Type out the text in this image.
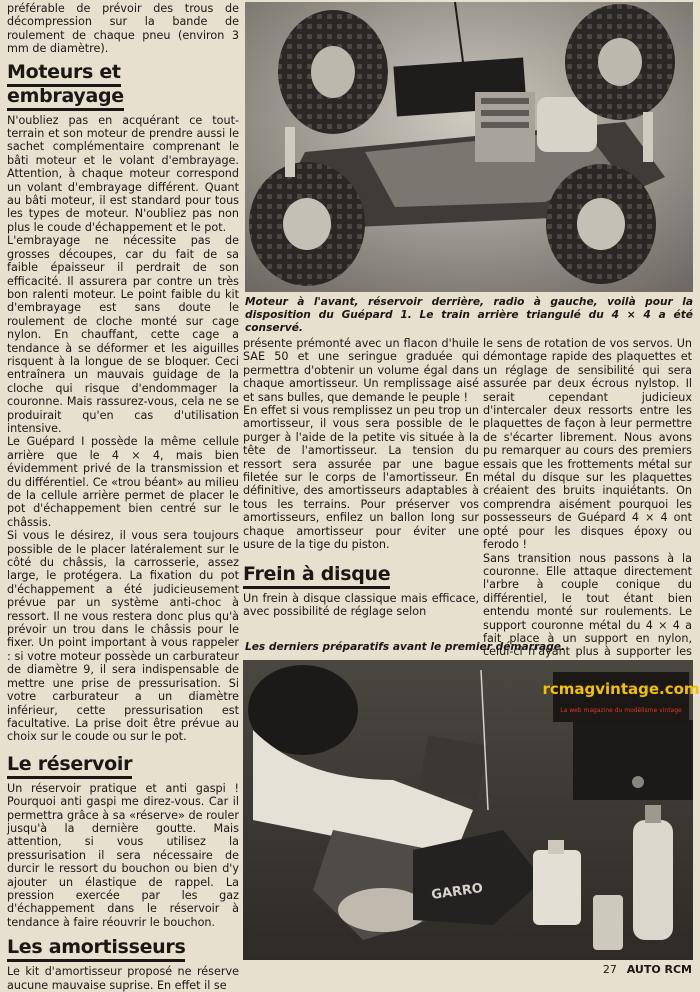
préférable de prévoir des trous de décompression sur la bande de roulement de chaque pneu (environ 3 mm de diamètre).

Moteurs et embrayage

N'oubliez pas en acquérant ce tout-terrain et son moteur de prendre aussi le sachet complémentaire comprenant le bâti moteur et le volant d'embrayage. Attention, à chaque moteur correspond un volant d'embrayage différent. Quant au bâti moteur, il est standard pour tous les types de moteur. N'oubliez pas non plus le coude d'échappement et le pot.

L'embrayage ne nécessite pas de grosses découpes, car du fait de sa faible épaisseur il perdrait de son efficacité. Il assurera par contre un très bon ralenti moteur. Le point faible du kit d'embrayage est sans doute le roulement de cloche monté sur cage nylon. En chauffant, cette cage a tendance à se déformer et les aiguilles risquent à la longue de se bloquer. Ceci entraînera un mauvais guidage de la cloche qui risque d'endommager la couronne. Mais rassurez-vous, cela ne se produirait qu'en cas d'utilisation intensive.

Le Guépard I possède la même cellule arrière que le 4 × 4, mais bien évidemment privé de la transmission et du différentiel. Ce «trou béant» au milieu de la cellule arrière permet de placer le pot d'échappement bien centré sur le châssis.

Si vous le désirez, il vous sera toujours possible de le placer latéralement sur le côté du châssis, la carrosserie, assez large, le protégera. La fixation du pot d'échappement a été judicieusement prévue par un système anti-choc à ressort. Il ne vous restera donc plus qu'à prévoir un trou dans le châssis pour le fixer. Un point important à vous rappeler : si votre moteur possède un carburateur de diamètre 9, il sera indispensable de mettre une prise de pressurisation. Si votre carburateur a un diamètre inférieur, cette pressurisation est facultative. La prise doit être prévue au choix sur le coude ou sur le pot.

Le réservoir

Un réservoir pratique et anti gaspi ! Pourquoi anti gaspi me direz-vous. Car il permettra grâce à sa «réserve» de rouler jusqu'à la dernière goutte. Mais attention, si vous utilisez la pressurisation il sera nécessaire de durcir le ressort du bouchon ou bien d'y ajouter un élastique de rappel. La pression exercée par les gaz d'échappement dans le réservoir à tendance à faire réouvrir le bouchon.

Les amortisseurs

Le kit d'amortisseur proposé ne réserve aucune mauvaise suprise. En effet il se

Moteur à l'avant, réservoir derrière, radio à gauche, voilà pour la disposition du Guépard 1. Le train arrière triangulé du 4 × 4 a été conservé.

présente prémonté avec un flacon d'huile SAE 50 et une seringue graduée qui permettra d'obtenir un volume égal dans chaque amortisseur. Un remplissage aisé et sans bulles, que demande le peuple !

En effet si vous remplissez un peu trop un amortisseur, il vous sera possible de le purger à l'aide de la petite vis située à la tête de l'amortisseur. La tension du ressort sera assurée par une bague filetée sur le corps de l'amortisseur. En définitive, des amortisseurs adaptables à tous les terrains. Pour préserver vos amortisseurs, enfilez un ballon long sur chaque amortisseur pour éviter une usure de la tige du piston.

Frein à disque

Un frein à disque classique mais efficace, avec possibilité de réglage selon

le sens de rotation de vos servos. Un démontage rapide des plaquettes et un réglage de sensibilité qui sera assurée par deux écrous nylstop. Il serait cependant judicieux d'intercaler deux ressorts entre les plaquettes de façon à leur permettre de s'écarter librement. Nous avons pu remarquer au cours des premiers essais que les frottements métal sur métal du disque sur les plaquettes créaient des bruits inquiétants. On comprendra aisément pourquoi les possesseurs de Guépard 4 × 4 ont opté pour les disques époxy ou ferodo !

Sans transition nous passons à la couronne. Elle attaque directement l'arbre à couple conique du différentiel, le tout étant bien entendu monté sur roulements. Le support couronne métal du 4 × 4 a fait place à un support en nylon, celui-ci n'ayant plus à supporter les

Les derniers préparatifs avant le premier démarrage.
GARRO
rcmagvintage.com
La web magazine du modélisme vintage
27 AUTO RCM
